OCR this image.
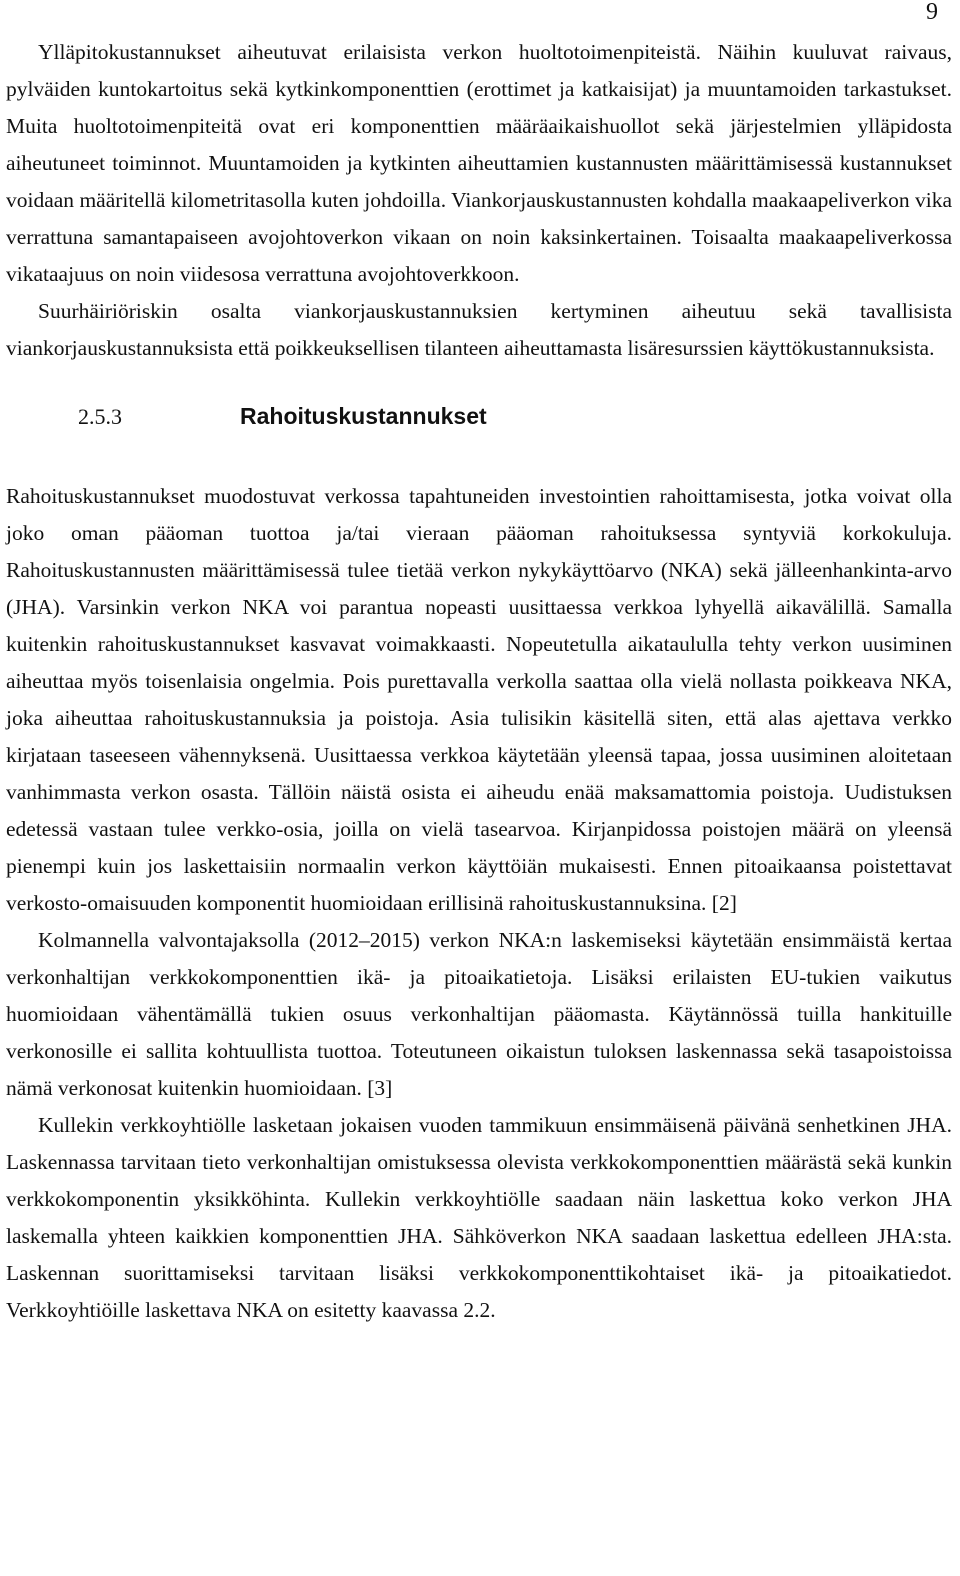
9

Ylläpitokustannukset aiheutuvat erilaisista verkon huoltotoimenpiteistä. Näihin kuuluvat raivaus, pylväiden kuntokartoitus sekä kytkinkomponenttien (erottimet ja katkaisijat) ja muuntamoiden tarkastukset. Muita huoltotoimenpiteitä ovat eri komponenttien määräaikaishuollot sekä järjestelmien ylläpidosta aiheutuneet toiminnot. Muuntamoiden ja kytkinten aiheuttamien kustannusten määrittämisessä kustannukset voidaan määritellä kilometritasolla kuten johdoilla. Viankorjauskustannusten kohdalla maakaapeliverkon vika verrattuna samantapaiseen avojohtoverkon vikaan on noin kaksinkertainen. Toisaalta maakaapeliverkossa vikataajuus on noin viidesosa verrattuna avojohtoverkkoon.

Suurhäiriöriskin osalta viankorjauskustannuksien kertyminen aiheutuu sekä tavallisista viankorjauskustannuksista että poikkeuksellisen tilanteen aiheuttamasta lisäresurssien käyttökustannuksista.

2.5.3	Rahoituskustannukset

Rahoituskustannukset muodostuvat verkossa tapahtuneiden investointien rahoittamisesta, jotka voivat olla joko oman pääoman tuottoa ja/tai vieraan pääoman rahoituksessa syntyviä korkokuluja. Rahoituskustannusten määrittämisessä tulee tietää verkon nykykäyttöarvo (NKA) sekä jälleenhankinta-arvo (JHA). Varsinkin verkon NKA voi parantua nopeasti uusittaessa verkkoa lyhyellä aikavälillä. Samalla kuitenkin rahoituskustannukset kasvavat voimakkaasti. Nopeutetulla aikataululla tehty verkon uusiminen aiheuttaa myös toisenlaisia ongelmia. Pois purettavalla verkolla saattaa olla vielä nollasta poikkeava NKA, joka aiheuttaa rahoituskustannuksia ja poistoja. Asia tulisikin käsitellä siten, että alas ajettava verkko kirjataan taseeseen vähennyksenä. Uusittaessa verkkoa käytetään yleensä tapaa, jossa uusiminen aloitetaan vanhimmasta verkon osasta. Tällöin näistä osista ei aiheudu enää maksamattomia poistoja. Uudistuksen edetessä vastaan tulee verkko-osia, joilla on vielä tasearvoa. Kirjanpidossa poistojen määrä on yleensä pienempi kuin jos laskettaisiin normaalin verkon käyttöiän mukaisesti. Ennen pitoaikaansa poistettavat verkosto-omaisuuden komponentit huomioidaan erillisinä rahoituskustannuksina. [2]

Kolmannella valvontajaksolla (2012–2015) verkon NKA:n laskemiseksi käytetään ensimmäistä kertaa verkonhaltijan verkkokomponenttien ikä- ja pitoaikatietoja. Lisäksi erilaisten EU-tukien vaikutus huomioidaan vähentämällä tukien osuus verkonhaltijan pääomasta. Käytännössä tuilla hankituille verkonosille ei sallita kohtuullista tuottoa. Toteutuneen oikaistun tuloksen laskennassa sekä tasapoistoissa nämä verkonosat kuitenkin huomioidaan. [3]

Kullekin verkkoyhtiölle lasketaan jokaisen vuoden tammikuun ensimmäisenä päivänä senhetkinen JHA. Laskennassa tarvitaan tieto verkonhaltijan omistuksessa olevista verkkokomponenttien määrästä sekä kunkin verkkokomponentin yksikköhinta. Kullekin verkkoyhtiölle saadaan näin laskettua koko verkon JHA laskemalla yhteen kaikkien komponenttien JHA. Sähköverkon NKA saadaan laskettua edelleen JHA:sta. Laskennan suorittamiseksi tarvitaan lisäksi verkkokomponenttikohtaiset ikä- ja pitoaikatiedot. Verkkoyhtiöille laskettava NKA on esitetty kaavassa 2.2.
